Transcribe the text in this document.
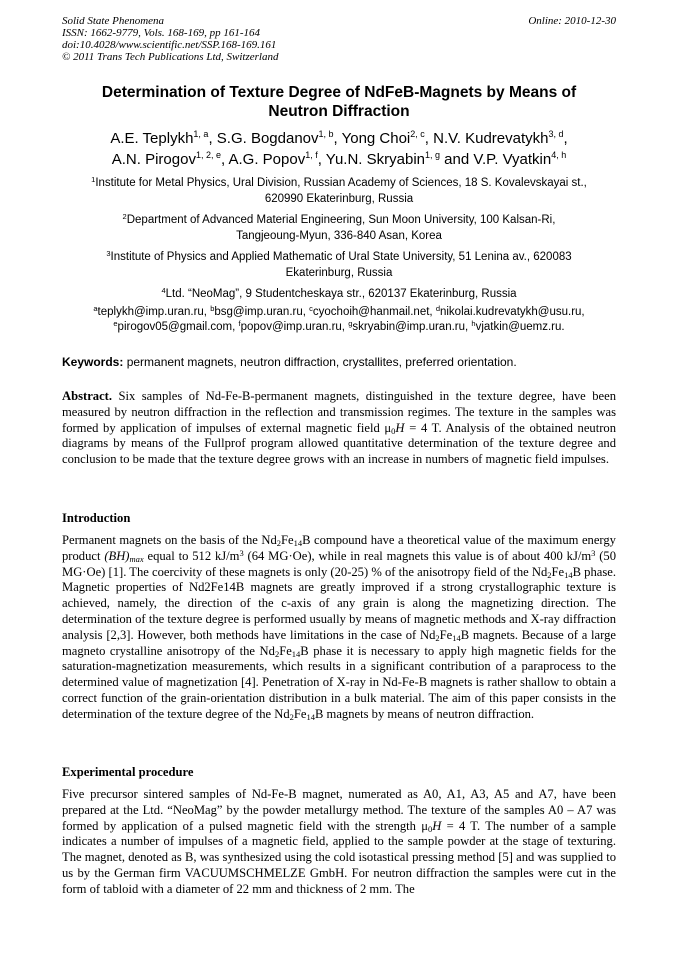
Solid State Phenomena
ISSN: 1662-9779, Vols. 168-169, pp 161-164
doi:10.4028/www.scientific.net/SSP.168-169.161
© 2011 Trans Tech Publications Ltd, Switzerland
Online: 2010-12-30
Determination of Texture Degree of NdFeB-Magnets by Means of
Neutron Diffraction
A.E. Teplykh$^{1, a}$, S.G. Bogdanov$^{1, b}$, Yong Choi$^{2, c}$, N.V. Kudrevatykh$^{3, d}$,
A.N. Pirogov$^{1, 2, e}$, A.G. Popov$^{1, f}$, Yu.N. Skryabin$^{1, g}$ and V.P. Vyatkin$^{4, h}$
$^1$Institute for Metal Physics, Ural Division, Russian Academy of Sciences, 18 S. Kovalevskayai st.,
620990 Ekaterinburg, Russia
$^2$Department of Advanced Material Engineering, Sun Moon University, 100 Kalsan-Ri,
Tangjeoung-Myun, 336-840 Asan, Korea
$^3$Institute of Physics and Applied Mathematic of Ural State University, 51 Lenina av., 620083
Ekaterinburg, Russia
$^4$Ltd. “NeoMag”, 9 Studentcheskaya str., 620137 Ekaterinburg, Russia
$^a$teplykh@imp.uran.ru, $^b$bsg@imp.uran.ru, $^c$cyochoih@hanmail.net, $^d$nikolai.kudrevatykh@usu.ru,
$^e$pirogov05@gmail.com, $^f$popov@imp.uran.ru, $^g$skryabin@imp.uran.ru, $^h$vjatkin@uemz.ru.
Keywords: permanent magnets, neutron diffraction, crystallites, preferred orientation.

Abstract. Six samples of Nd-Fe-B-permanent magnets, distinguished in the texture degree, have been measured by neutron diffraction in the reflection and transmission regimes. The texture in the samples was formed by application of impulses of external magnetic field $\mu_0H = 4$ T. Analysis of the obtained neutron diagrams by means of the Fullprof program allowed quantitative determination of the texture degree and conclusion to be made that the texture degree grows with an increase in numbers of magnetic field impulses.

Introduction

Permanent magnets on the basis of the $Nd_2Fe_{14}B$ compound have a theoretical value of the maximum energy product $(BH)_{max}$ equal to 512 $kJ/m^3$ (64 MG·Oe), while in real magnets this value is of about 400 $kJ/m^3$ (50 MG·Oe) [1]. The coercivity of these magnets is only (20-25) % of the anisotropy field of the $Nd_2Fe_{14}B$ phase. Magnetic properties of Nd2Fe14B magnets are greatly improved if a strong crystallographic texture is achieved, namely, the direction of the c-axis of any grain is along the magnetizing direction. The determination of the texture degree is performed usually by means of magnetic methods and X-ray diffraction analysis [2,3]. However, both methods have limitations in the case of $Nd_2Fe_{14}B$ magnets. Because of a large magneto crystalline anisotropy of the $Nd_2Fe_{14}B$ phase it is necessary to apply high magnetic fields for the saturation-magnetization measurements, which results in a significant contribution of a paraprocess to the determined value of magnetization [4]. Penetration of X-ray in Nd-Fe-B magnets is rather shallow to obtain a correct function of the grain-orientation distribution in a bulk material. The aim of this paper consists in the determination of the texture degree of the $Nd_2Fe_{14}B$ magnets by means of neutron diffraction.

Experimental procedure

Five precursor sintered samples of Nd-Fe-B magnet, numerated as A0, A1, A3, A5 and A7, have been prepared at the Ltd. “NeoMag” by the powder metallurgy method. The texture of the samples A0 – A7 was formed by application of a pulsed magnetic field with the strength $\mu_0H = 4$ T. The number of a sample indicates a number of impulses of a magnetic field, applied to the sample powder at the stage of texturing. The magnet, denoted as B, was synthesized using the cold isotastical pressing method [5] and was supplied to us by the German firm VACUUMSCHMELZE GmbH. For neutron diffraction the samples were cut in the form of tabloid with a diameter of 22 mm and thickness of 2 mm. The
